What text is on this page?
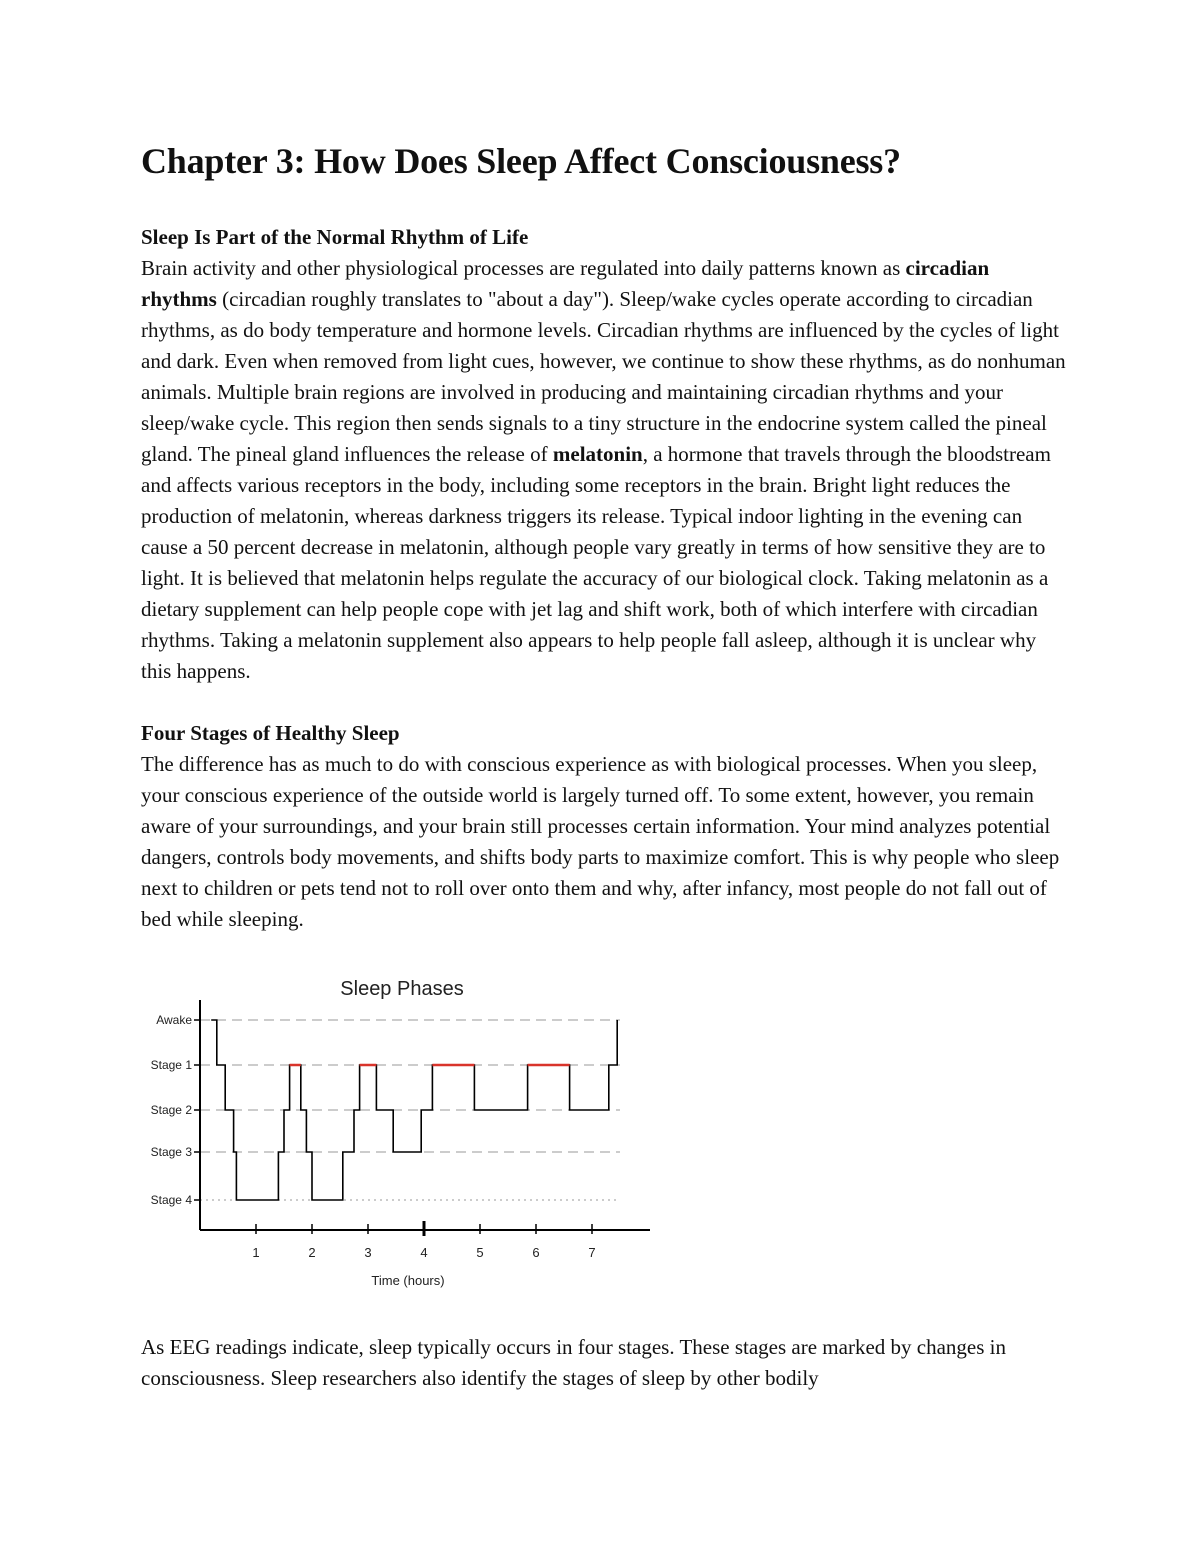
Chapter 3: How Does Sleep Affect Consciousness?
Sleep Is Part of the Normal Rhythm of Life

Brain activity and other physiological processes are regulated into daily patterns known as circadian rhythms (circadian roughly translates to "about a day"). Sleep/wake cycles operate according to circadian rhythms, as do body temperature and hormone levels. Circadian rhythms are influenced by the cycles of light and dark. Even when removed from light cues, however, we continue to show these rhythms, as do nonhuman animals. Multiple brain regions are involved in producing and maintaining circadian rhythms and your sleep/wake cycle. This region then sends signals to a tiny structure in the endocrine system called the pineal gland. The pineal gland influences the release of melatonin, a hormone that travels through the bloodstream and affects various receptors in the body, including some receptors in the brain. Bright light reduces the production of melatonin, whereas darkness triggers its release. Typical indoor lighting in the evening can cause a 50 percent decrease in melatonin, although people vary greatly in terms of how sensitive they are to light. It is believed that melatonin helps regulate the accuracy of our biological clock. Taking melatonin as a dietary supplement can help people cope with jet lag and shift work, both of which interfere with circadian rhythms. Taking a melatonin supplement also appears to help people fall asleep, although it is unclear why this happens.

Four Stages of Healthy Sleep

The difference has as much to do with conscious experience as with biological processes. When you sleep, your conscious experience of the outside world is largely turned off. To some extent, however, you remain aware of your surroundings, and your brain still processes certain information. Your mind analyzes potential dangers, controls body movements, and shifts body parts to maximize comfort. This is why people who sleep next to children or pets tend not to roll over onto them and why, after infancy, most people do not fall out of bed while sleeping.

Sleep Phases
Time (hours)
Awake
Stage 1
Stage 2
Stage 3
Stage 4
1	2	3	4	5	6	7

As EEG readings indicate, sleep typically occurs in four stages. These stages are marked by changes in consciousness. Sleep researchers also identify the stages of sleep by other bodily
